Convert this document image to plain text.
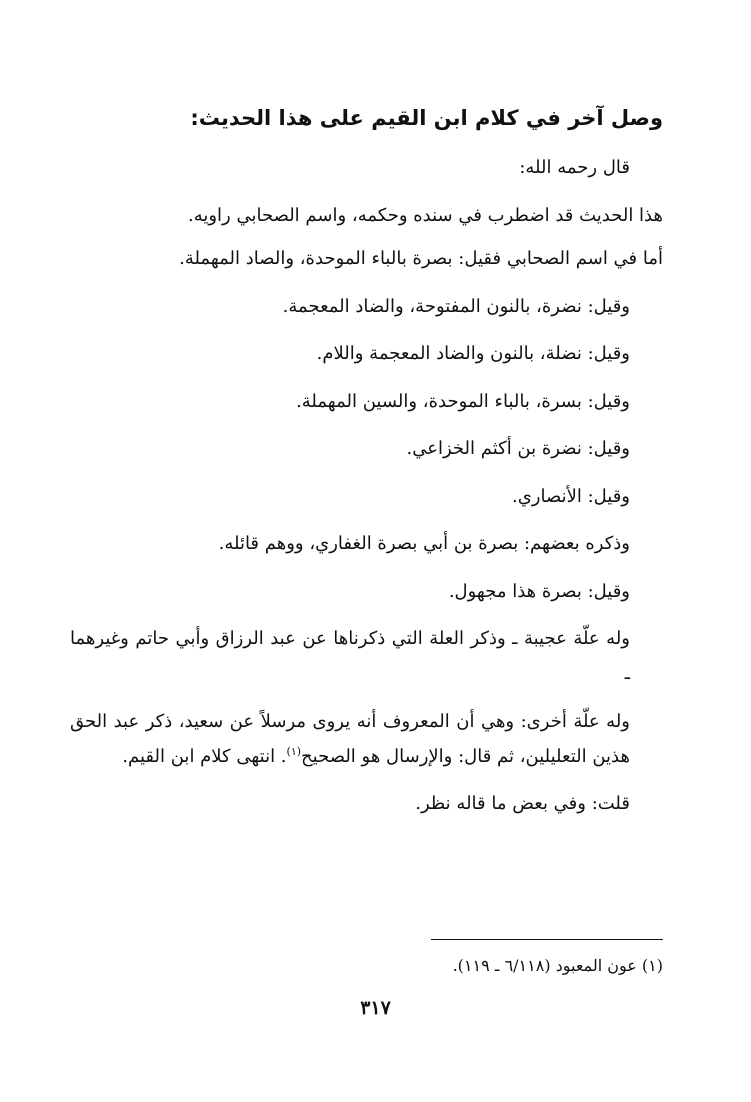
وصل آخر في كلام ابن القيم على هذا الحديث:

قال رحمه الله:

هذا الحديث قد اضطرب في سنده وحكمه، واسم الصحابي راويه.

أما في اسم الصحابي فقيل: بصرة بالباء الموحدة، والصاد المهملة.

وقيل: نضرة، بالنون المفتوحة، والضاد المعجمة.

وقيل: نضلة، بالنون والضاد المعجمة واللام.

وقيل: بسرة، بالباء الموحدة، والسين المهملة.

وقيل: نضرة بن أكثم الخزاعي.

وقيل: الأنصاري.

وذكره بعضهم: بصرة بن أبي بصرة الغفاري، ووهم قائله.

وقيل: بصرة هذا مجهول.

وله علّة عجيبة ـ وذكر العلة التي ذكرناها عن عبد الرزاق وأبي حاتم وغيرهما ـ

وله علّة أخرى: وهي أن المعروف أنه يروى مرسلاً عن سعيد، ذكر عبد الحق هذين التعليلين، ثم قال: والإرسال هو الصحيح$^{(١)}$. انتهى كلام ابن القيم.

قلت: وفي بعض ما قاله نظر.

(١) عون المعبود (٦/١١٨ ـ ١١٩).
٣١٧
